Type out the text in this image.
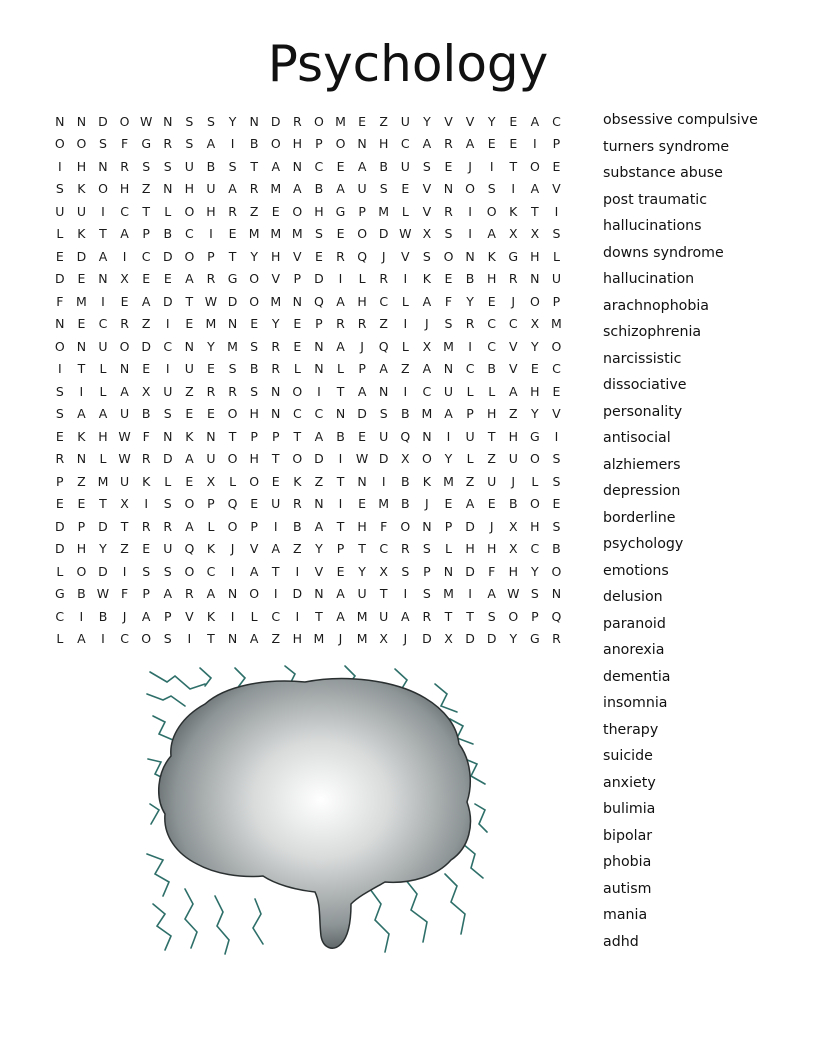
Psychology
N N D O W N	S	S	Y	N D R O M E	Z	U	Y	V	V	Y	E	A	C
O O	S	F	G R	S	A	I	B O H	P	O N H	C	A	R	A	E	E	I	P
I	H N	R	S	S	U	B	S	T	A	N	C	E	A	B	U	S	E	J	I	T	O	E
S	K	O H	Z	N H U	A	R M A	B	A	U	S	E	V	N O	S	I	A	V
U U	I	C	T	L	O H	R	Z	E	O H G	P M	L	V	R	I	O	K	T	I
L	K	T	A	P	B	C	I	E M M M S	E	O D W X	S	I	A	X	X	S
E	D	A	I	C D O	P	T	Y	H	V	E	R Q	J	V	S	O N	K	G H	L
D	E	N	X	E	E	A	R G O V	P	D	I	L	R	I	K	E	B	H	R	N U
F	M	I	E	A D	T W D O M N Q A	H	C	L	A	F	Y	E	J	O	P
N	E	C	R	Z	I	E M N	E	Y	E	P	R	R	Z	I	J	S	R	C	C	X M
O N U O D C	N	Y M S	R	E	N	A	J	Q	L	X M	I	C	V	Y	O
I	T	L	N	E	I	U	E	S	B	R	L	N	L	P	A	Z	A	N	C	B	V	E	C
S	I	L	A	X	U	Z	R	R	S	N O	I	T	A	N	I	C	U	L	L	A	H	E
S	A	A	U	B	S	E	E	O H N	C	C	N D	S	B M A	P	H	Z	Y	V
E	K	H W F	N	K	N	T	P	P	T	A	B	E	U Q N	I	U	T	H G	I
R	N	L W R D	A	U O H	T	O D	I	W D X O	Y	L	Z	U O	S
P	Z M U	K	L	E	X	L	O	E	K	Z	T	N	I	B	K M Z	U	J	L	S
E	E	T	X	I	S	O	P	Q	E	U	R	N	I	E M B	J	E	A	E	B O	E
D	P	D	T	R	R	A	L	O	P	I	B	A	T	H	F	O N	P	D	J	X	H	S
D H	Y	Z	E	U Q	K	J	V	A	Z	Y	P	T	C	R	S	L	H H	X	C	B
L	O D	I	S	S	O C	I	A	T	I	V	E	Y	X	S	P	N D	F	H	Y	O
G B W F	P	A	R	A	N O	I	D N	A	U	T	I	S M	I	A W S	N
C	I	B	J	A	P	V	K	I	L	C	I	T	A M U	A	R	T	T	S	O	P	Q
L	A	I	C O	S	I	T	N	A	Z	H M	J	M X	J	D X D D	Y	G R
obsessive compulsive
turners syndrome
substance abuse
post traumatic
hallucinations
downs syndrome
hallucination
arachnophobia
schizophrenia
narcissistic
dissociative
personality
antisocial
alzhiemers
depression
borderline
psychology
emotions
delusion
paranoid
anorexia
dementia
insomnia
therapy
suicide
anxiety
bulimia
bipolar
phobia
autism
mania
adhd
